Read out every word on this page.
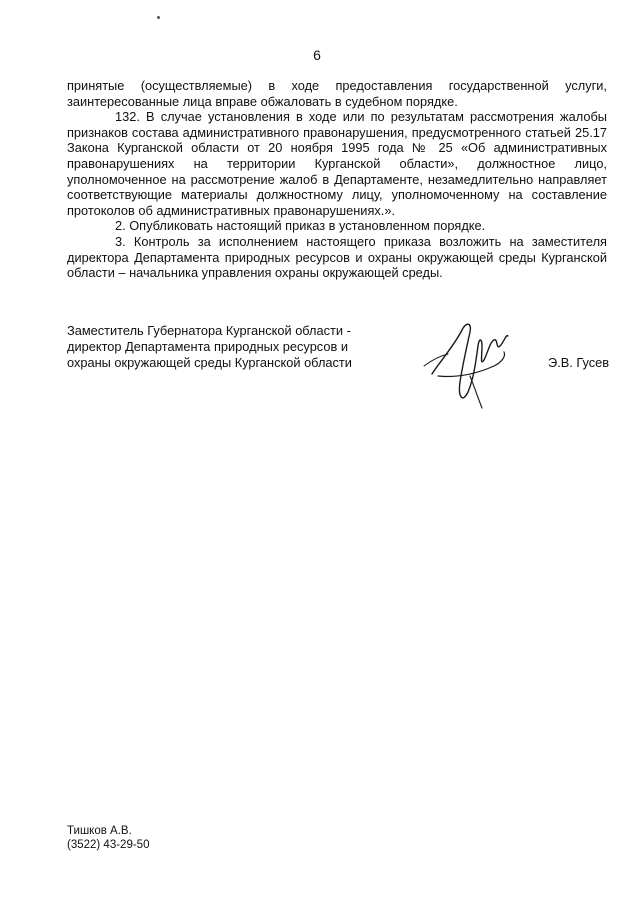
6

принятые (осуществляемые) в ходе предоставления государственной услуги, заинтересованные лица вправе обжаловать в судебном порядке.

132. В случае установления в ходе или по результатам рассмотрения жалобы признаков состава административного правонарушения, предусмотренного статьей 25.17 Закона Курганской области от 20 ноября 1995 года № 25 «Об административных правонарушениях на территории Курганской области», должностное лицо, уполномоченное на рассмотрение жалоб в Департаменте, незамедлительно направляет соответствующие материалы должностному лицу, уполномоченному на составление протоколов об административных правонарушениях.».

2. Опубликовать настоящий приказ в установленном порядке.

3. Контроль за исполнением настоящего приказа возложить на заместителя директора Департамента природных ресурсов и охраны окружающей среды Курганской области – начальника управления охраны окружающей среды.

Заместитель Губернатора Курганской области -
директор Департамента природных ресурсов и
охраны окружающей среды Курганской области	Э.В. Гусев
Тишков А.В.
(3522) 43-29-50
